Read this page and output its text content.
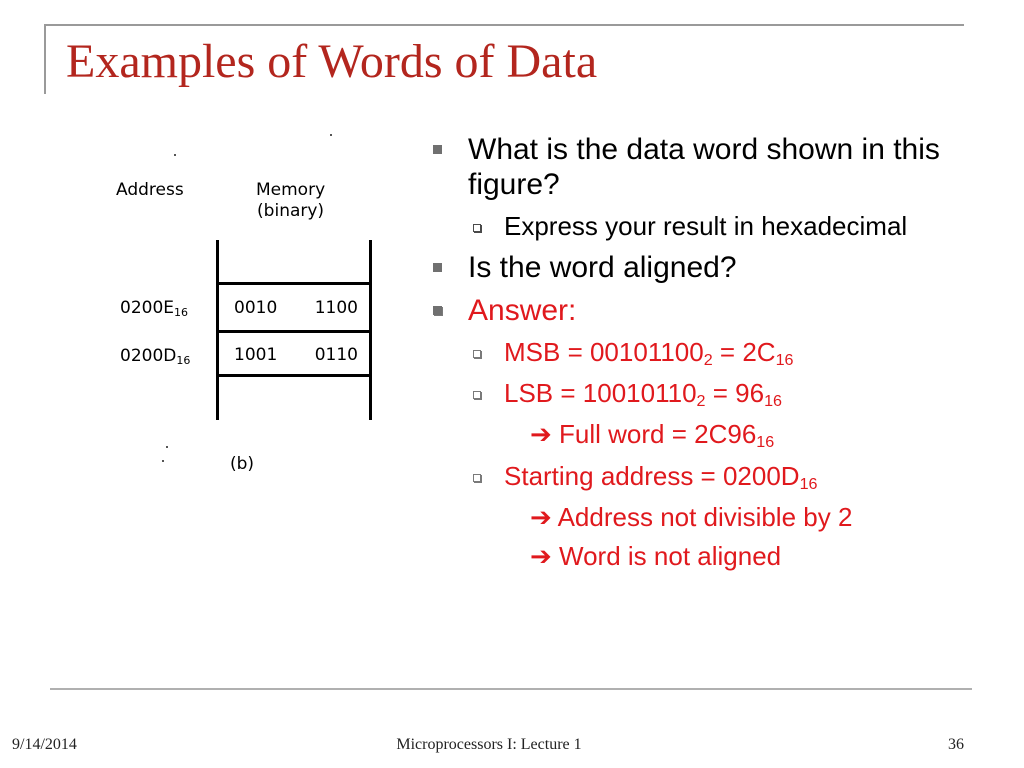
Examples of Words of Data
Address	Memory
(binary)
$0200E_{16}$	0010 1100
$0200D_{16}$	1001 0110
(b)
What is the data word shown in this figure?
Express your result in hexadecimal
Is the word aligned?
Answer:
MSB = $00101100_2 = 2C_{16}$
LSB = $10010110_2 = 96_{16}$
➔ Full word = $2C96_{16}$
Starting address = $0200D_{16}$
➔ Address not divisible by 2
➔ Word is not aligned
9/14/2014	Microprocessors I: Lecture 1	36
